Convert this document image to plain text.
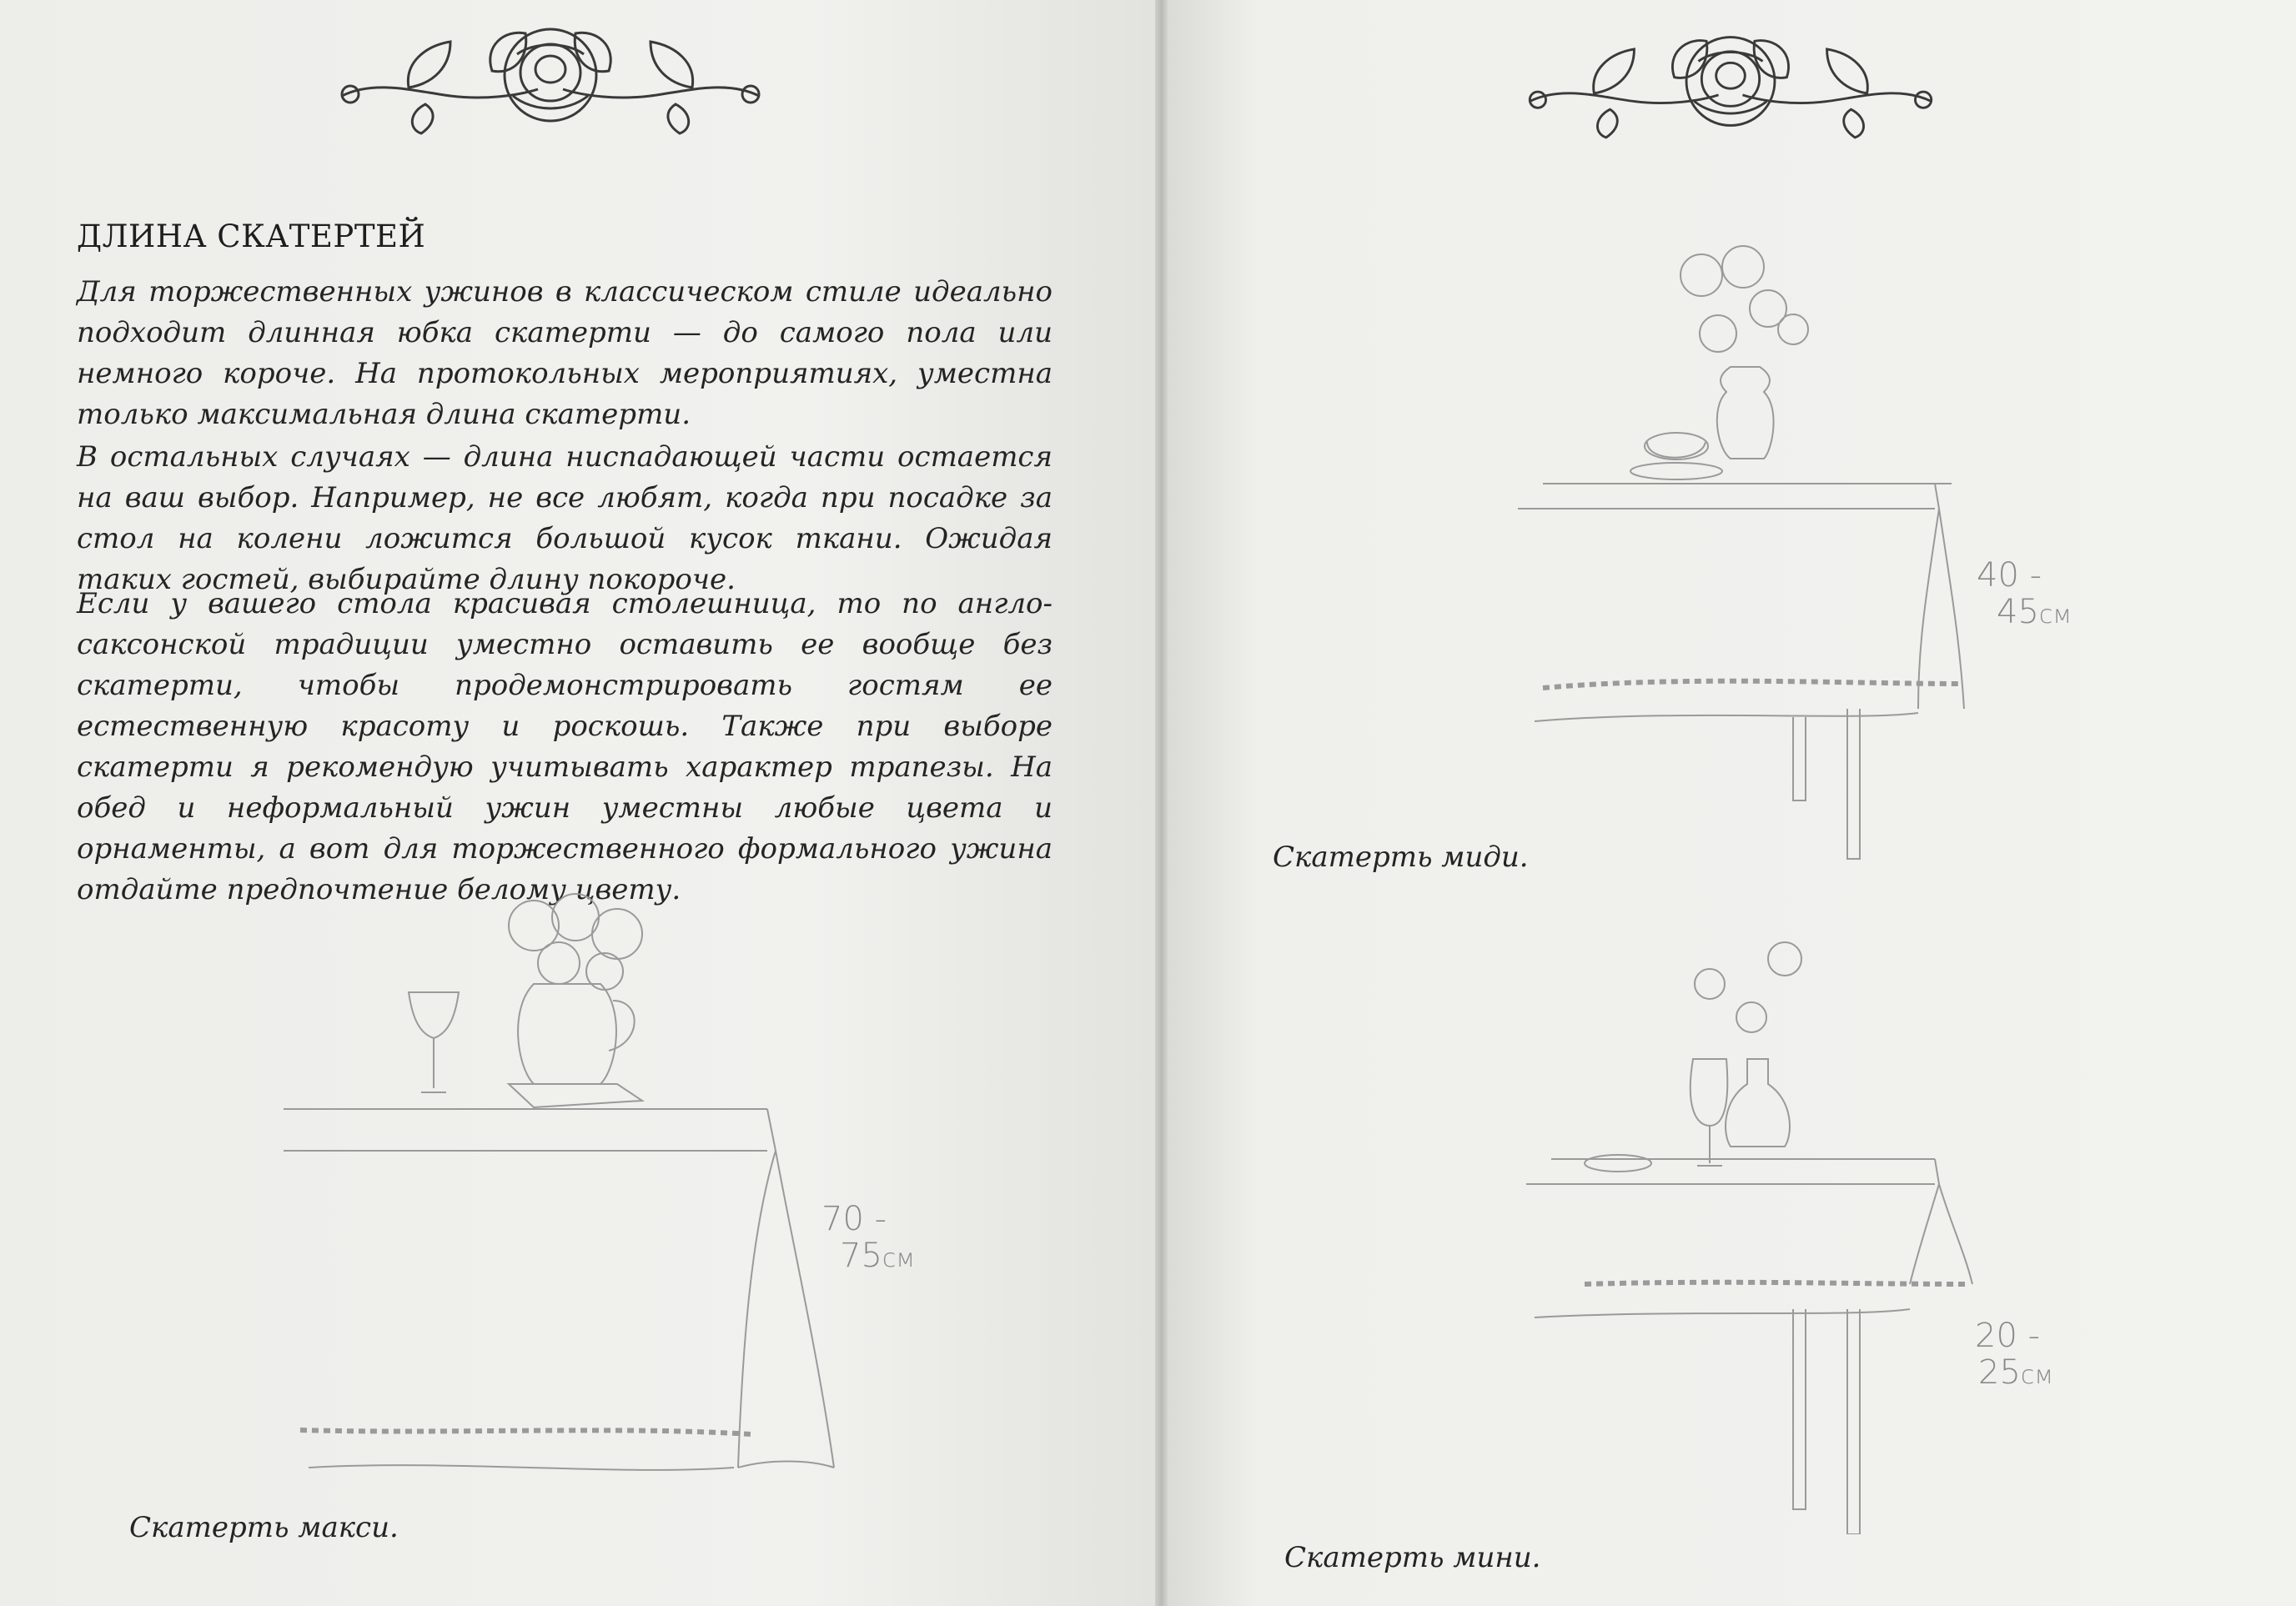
ДЛИНА СКАТЕРТЕЙ
Для торжественных ужинов в классическом стиле идеально подходит длинная юбка скатерти — до самого пола или немного короче. На протокольных мероприятиях, уместна только максимальная длина скатерти.
В остальных случаях — длина ниспадающей части остается на ваш выбор. Например, не все любят, когда при посадке за стол на колени ложится большой кусок ткани. Ожидая таких гостей, выбирайте длину покороче.
Если у вашего стола красивая столешница, то по англо-саксонской традиции уместно оставить ее вообще без скатерти, чтобы продемонстрировать гостям ее естественную красоту и роскошь. Также при выборе скатерти я рекомендую учитывать характер трапезы. На обед и неформальный ужин уместны любые цвета и орнаменты, а вот для торжественного формального ужина отдайте предпочтение белому цвету.
70 -
75см
40 -
45см
20 -
25см
Скатерть макси.
Скатерть миди.
Скатерть мини.
